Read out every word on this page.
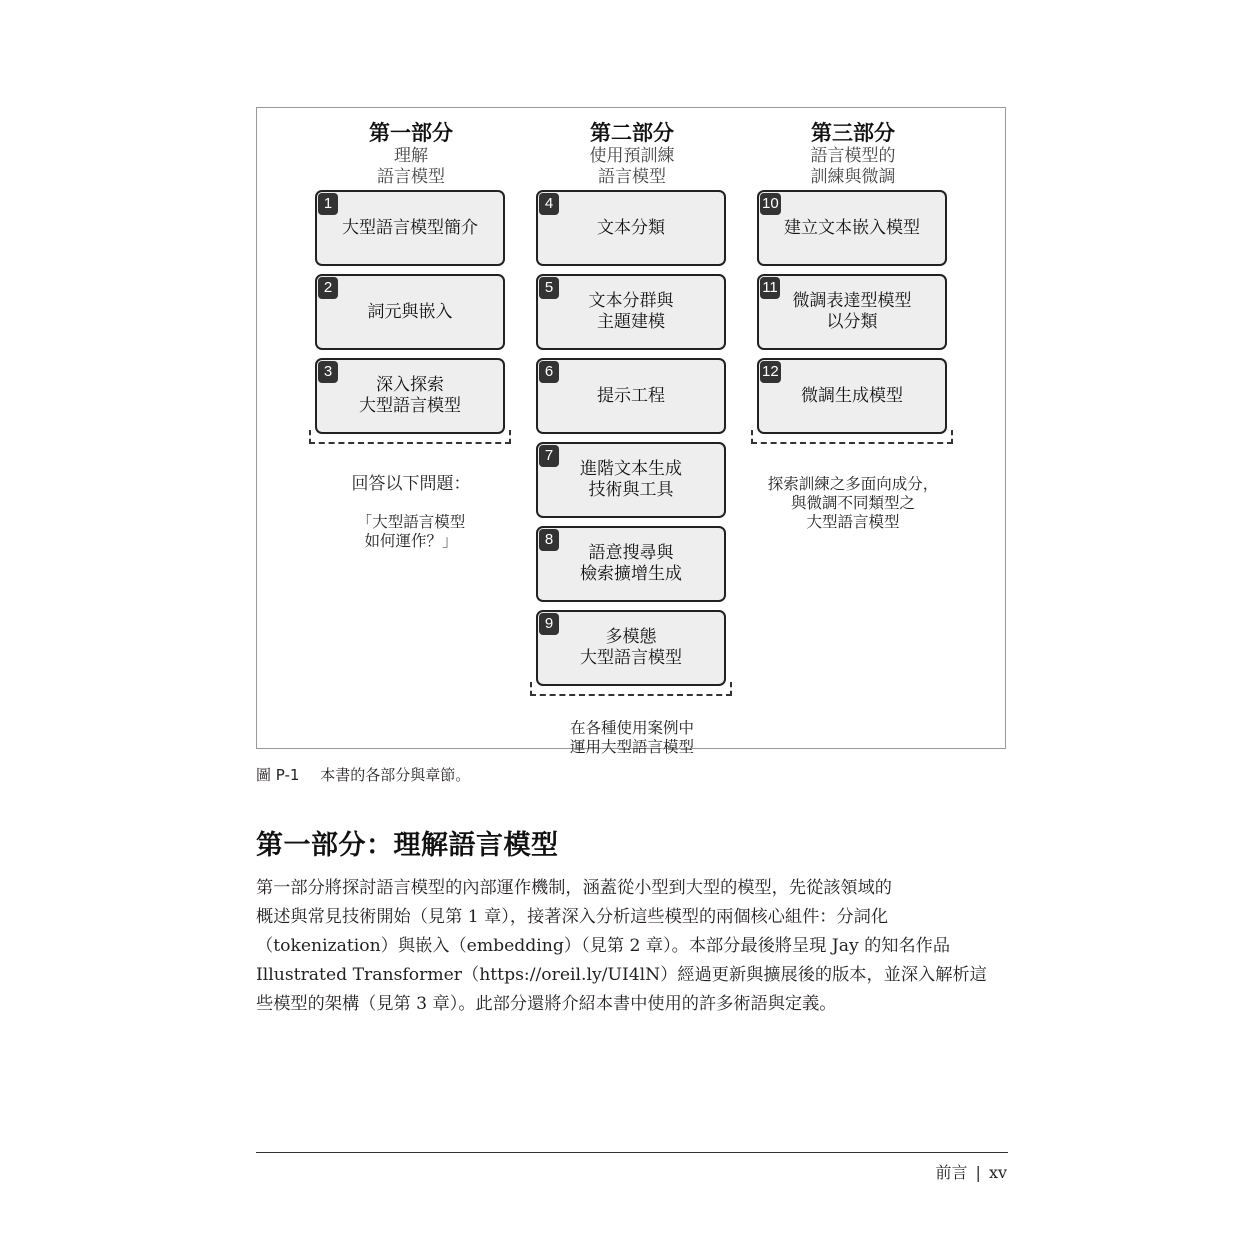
第一部分
理解
語言模型
1
大型語言模型簡介
2
詞元與嵌入
3
深入探索
大型語言模型

回答以下問題：

「大型語言模型
如何運作？」

第二部分
使用預訓練
語言模型
4
文本分類
5
文本分群與
主題建模
6
提示工程
7
進階文本生成
技術與工具
8
語意搜尋與
檢索擴增生成
9
多模態
大型語言模型

在各種使用案例中
運用大型語言模型

第三部分
語言模型的
訓練與微調
10
建立文本嵌入模型
11
微調表達型模型
以分類
12
微調生成模型

探索訓練之多面向成分，
與微調不同類型之
大型語言模型

圖 P-1 本書的各部分與章節。
第一部分：理解語言模型
第一部分將探討語言模型的內部運作機制，涵蓋從小型到大型的模型，先從該領域的
概述與常見技術開始（見第 1 章），接著深入分析這些模型的兩個核心組件：分詞化
（tokenization）與嵌入（embedding）（見第 2 章）。本部分最後將呈現 Jay 的知名作品
Illustrated Transformer（https://oreil.ly/UI4lN）經過更新與擴展後的版本，並深入解析這
些模型的架構（見第 3 章）。此部分還將介紹本書中使用的許多術語與定義。
前言 | xv
